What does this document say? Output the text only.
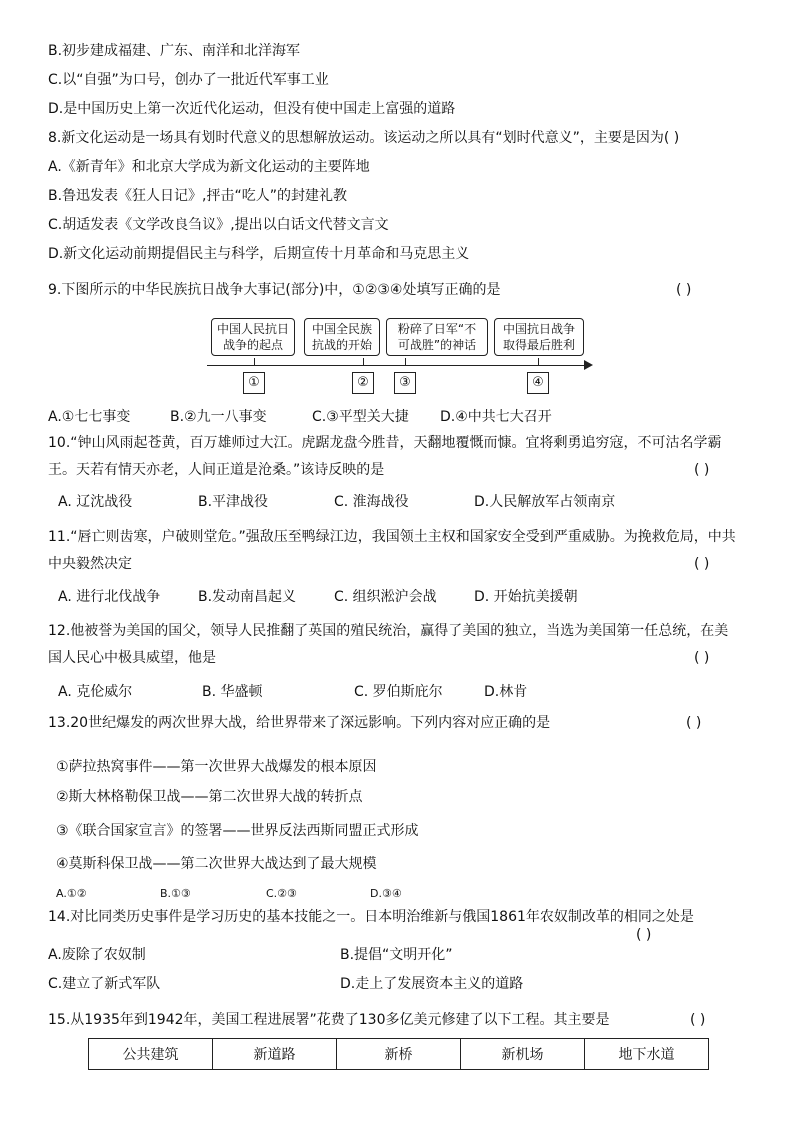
B.初步建成福建、广东、南洋和北洋海军
C.以“自强”为口号，创办了一批近代军事工业
D.是中国历史上第一次近代化运动，但没有使中国走上富强的道路
8.新文化运动是一场具有划时代意义的思想解放运动。该运动之所以具有“划时代意义”，主要是因为( )
A.《新青年》和北京大学成为新文化运动的主要阵地
B.鲁迅发表《狂人日记》,抨击“吃人”的封建礼教
C.胡适发表《文学改良刍议》,提出以白话文代替文言文
D.新文化运动前期提倡民主与科学，后期宣传十月革命和马克思主义
9.下图所示的中华民族抗日战争大事记(部分)中，①②③④处填写正确的是	( )
中国人民抗日
战争的起点
中国全民族
抗战的开始
粉碎了日军“不
可战胜”的神话
中国抗日战争
取得最后胜利
①	②	③	④
A.①七七事变	B.②九一八事变	C.③平型关大捷 D.④中共七大召开
10.“钟山风雨起苍黄，百万雄师过大江。虎踞龙盘今胜昔，天翻地覆慨而慷。宜将剩勇追穷寇，不可沽名学霸
王。天若有情天亦老，人间正道是沧桑。”该诗反映的是	( )
A. 辽沈战役	B.平津战役	C. 淮海战役	D.人民解放军占领南京
11.“唇亡则齿寒，户破则堂危。”强敌压至鸭绿江边，我国领土主权和国家安全受到严重威胁。为挽救危局，中共
中央毅然决定	( )
A. 进行北伐战争	B.发动南昌起义	C. 组织淞沪会战	D. 开始抗美援朝
12.他被誉为美国的国父，领导人民推翻了英国的殖民统治，赢得了美国的独立，当选为美国第一任总统，在美
国人民心中极具威望，他是	( )
A. 克伦威尔	B. 华盛顿	C. 罗伯斯庇尔	D.林肯
13.20世纪爆发的两次世界大战，给世界带来了深远影响。下列内容对应正确的是	( )
①萨拉热窝事件——第一次世界大战爆发的根本原因
②斯大林格勒保卫战——第二次世界大战的转折点
③《联合国家宣言》的签署——世界反法西斯同盟正式形成
④莫斯科保卫战——第二次世界大战达到了最大规模
A.①②	B.①③	C.②③	D.③④
14.对比同类历史事件是学习历史的基本技能之一。日本明治维新与俄国1861年农奴制改革的相同之处是
( )
A.废除了农奴制	B.提倡“文明开化”
C.建立了新式军队	D.走上了发展资本主义的道路
15.从1935年到1942年，美国工程进展署”花费了130多亿美元修建了以下工程。其主要是	( )
公共建筑	新道路	新桥	新机场	地下水道
